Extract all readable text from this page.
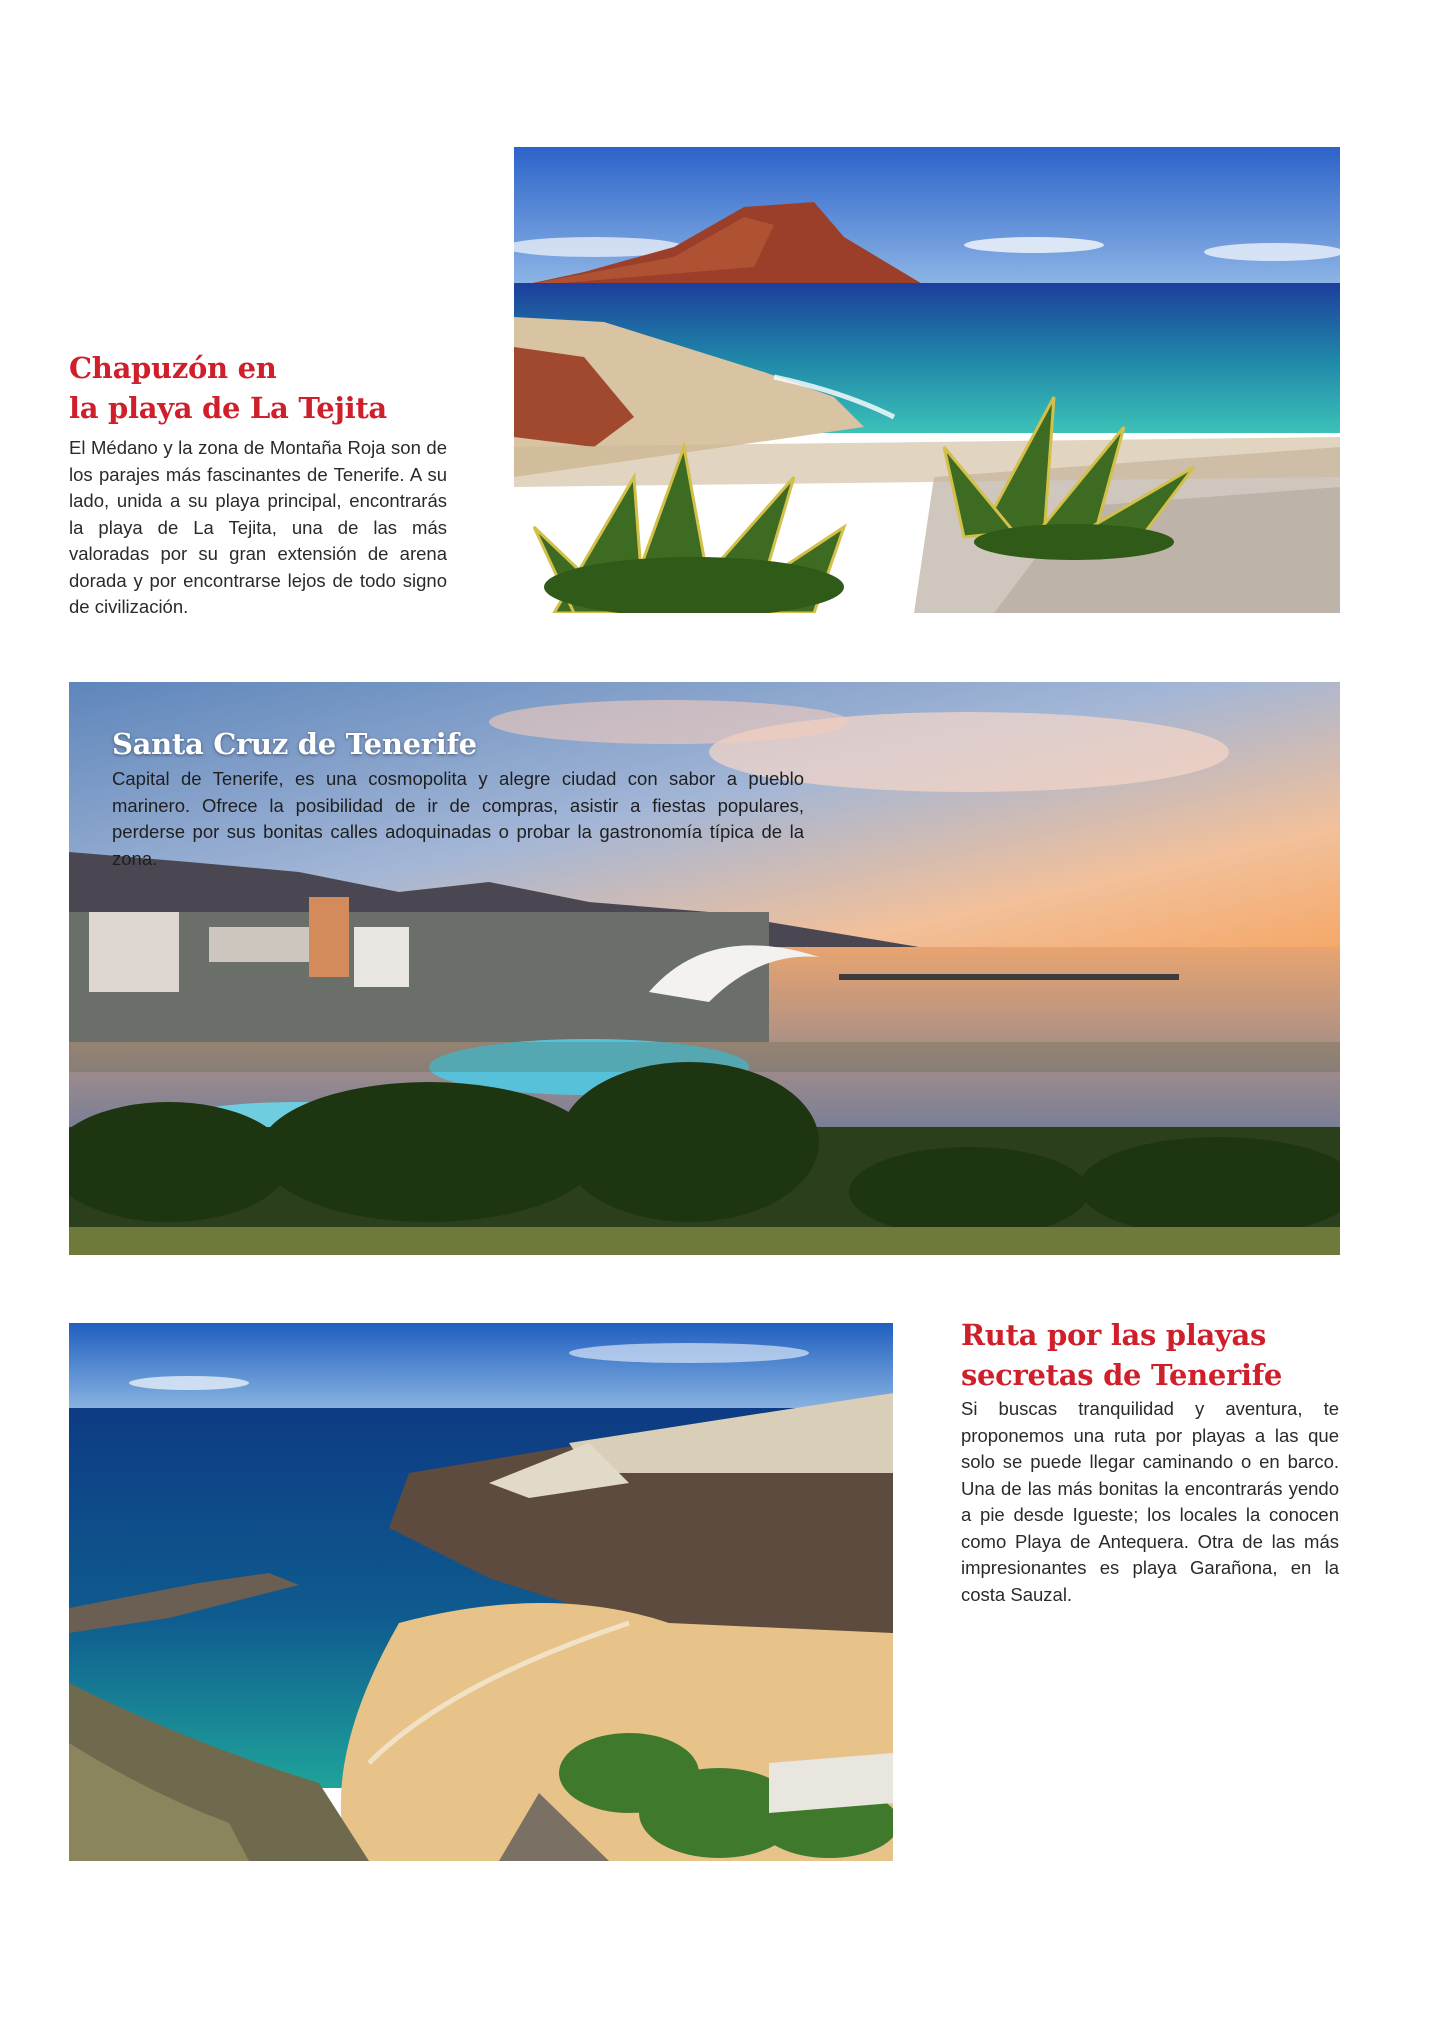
Chapuzón en
la playa de La Tejita

El Médano y la zona de Montaña Roja son de los parajes más fascinantes de Tenerife. A su lado, unida a su playa principal, encontrarás la playa de La Tejita, una de las más valoradas por su gran extensión de arena dorada y por encontrarse lejos de todo signo de civilización.

Santa Cruz de Tenerife

Capital de Tenerife, es una cosmopolita y alegre ciudad con sabor a pueblo marinero. Ofrece la posibilidad de ir de compras, asistir a fiestas populares, perderse por sus bonitas calles adoquinadas o probar la gastronomía típica de la zona.

Ruta por las playas
secretas de Tenerife

Si buscas tranquilidad y aventura, te proponemos una ruta por playas a las que solo se puede llegar caminando o en barco. Una de las más bonitas la encontrarás yendo a pie desde Igueste; los locales la conocen como Playa de Antequera. Otra de las más impresionantes es playa Garañona, en la costa Sauzal.
